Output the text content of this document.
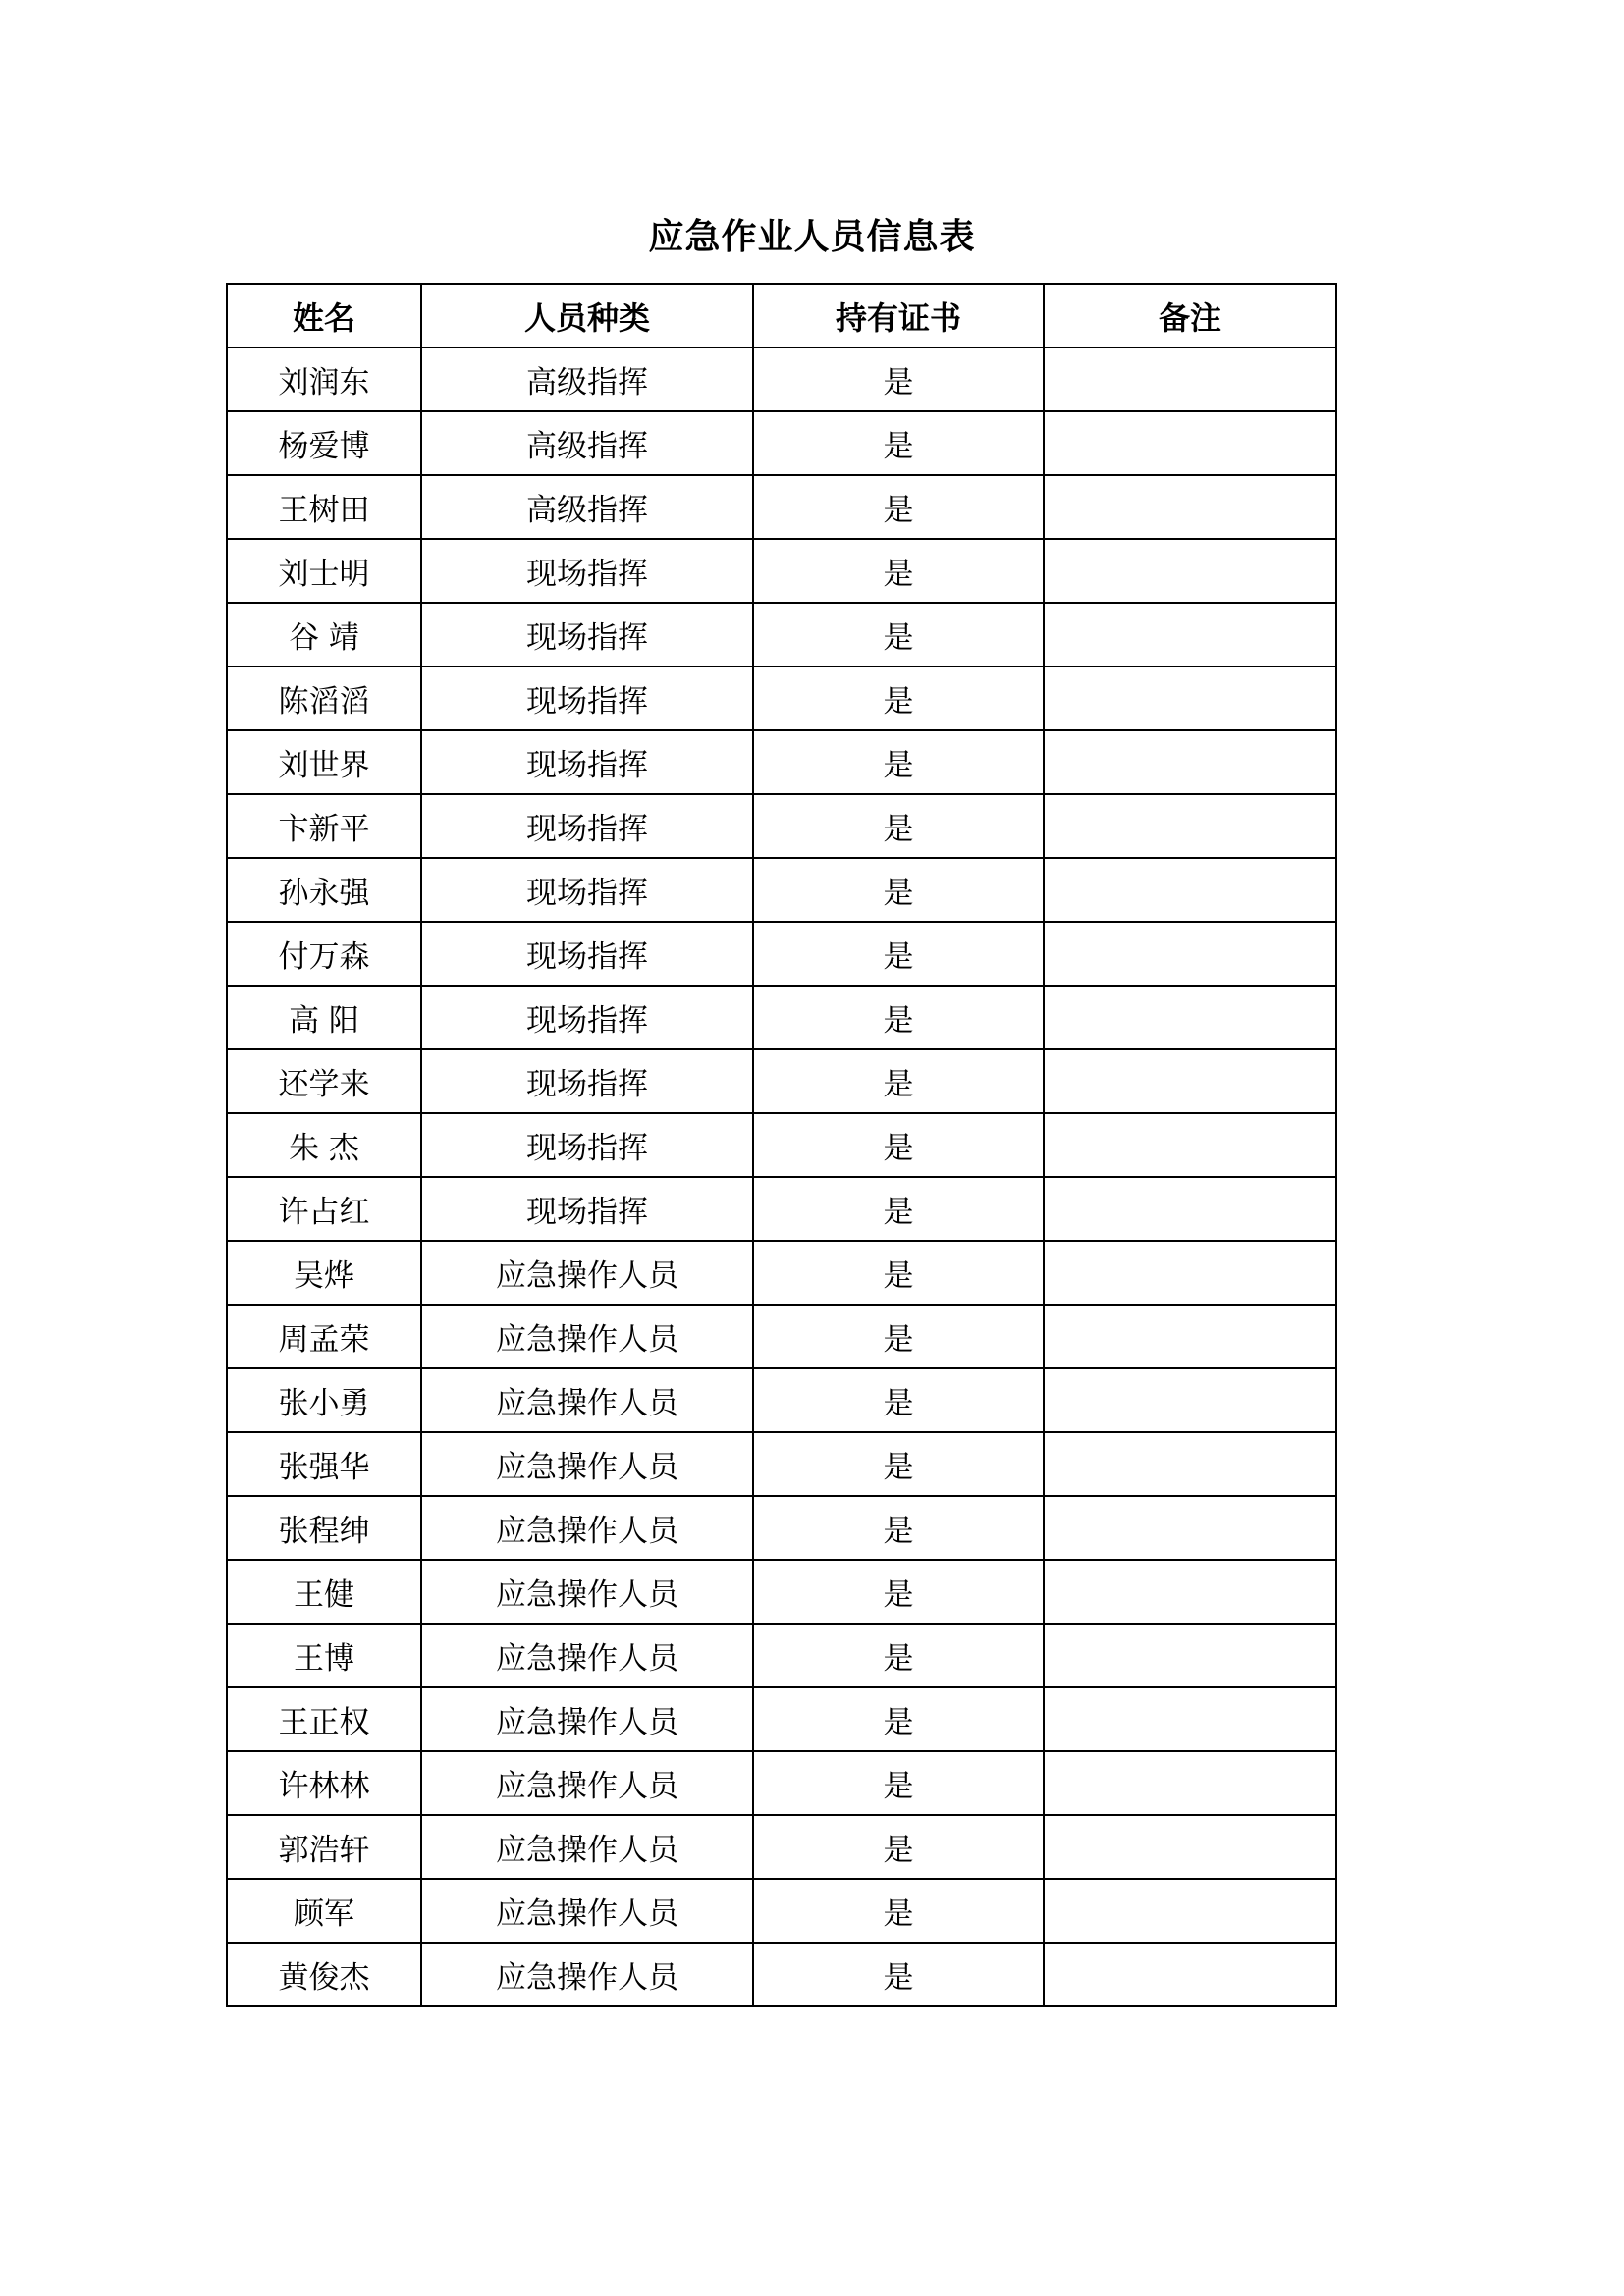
应急作业人员信息表
姓名	人员种类	持有证书	备注
刘润东	高级指挥	是	
杨爱博	高级指挥	是	
王树田	高级指挥	是	
刘士明	现场指挥	是	
谷 靖	现场指挥	是	
陈滔滔	现场指挥	是	
刘世界	现场指挥	是	
卞新平	现场指挥	是	
孙永强	现场指挥	是	
付万森	现场指挥	是	
高 阳	现场指挥	是	
还学来	现场指挥	是	
朱 杰	现场指挥	是	
许占红	现场指挥	是	
吴烨	应急操作人员	是	
周孟荣	应急操作人员	是	
张小勇	应急操作人员	是	
张强华	应急操作人员	是	
张程绅	应急操作人员	是	
王健	应急操作人员	是	
王博	应急操作人员	是	
王正权	应急操作人员	是	
许林林	应急操作人员	是	
郭浩轩	应急操作人员	是	
顾军	应急操作人员	是	
黄俊杰	应急操作人员	是	
